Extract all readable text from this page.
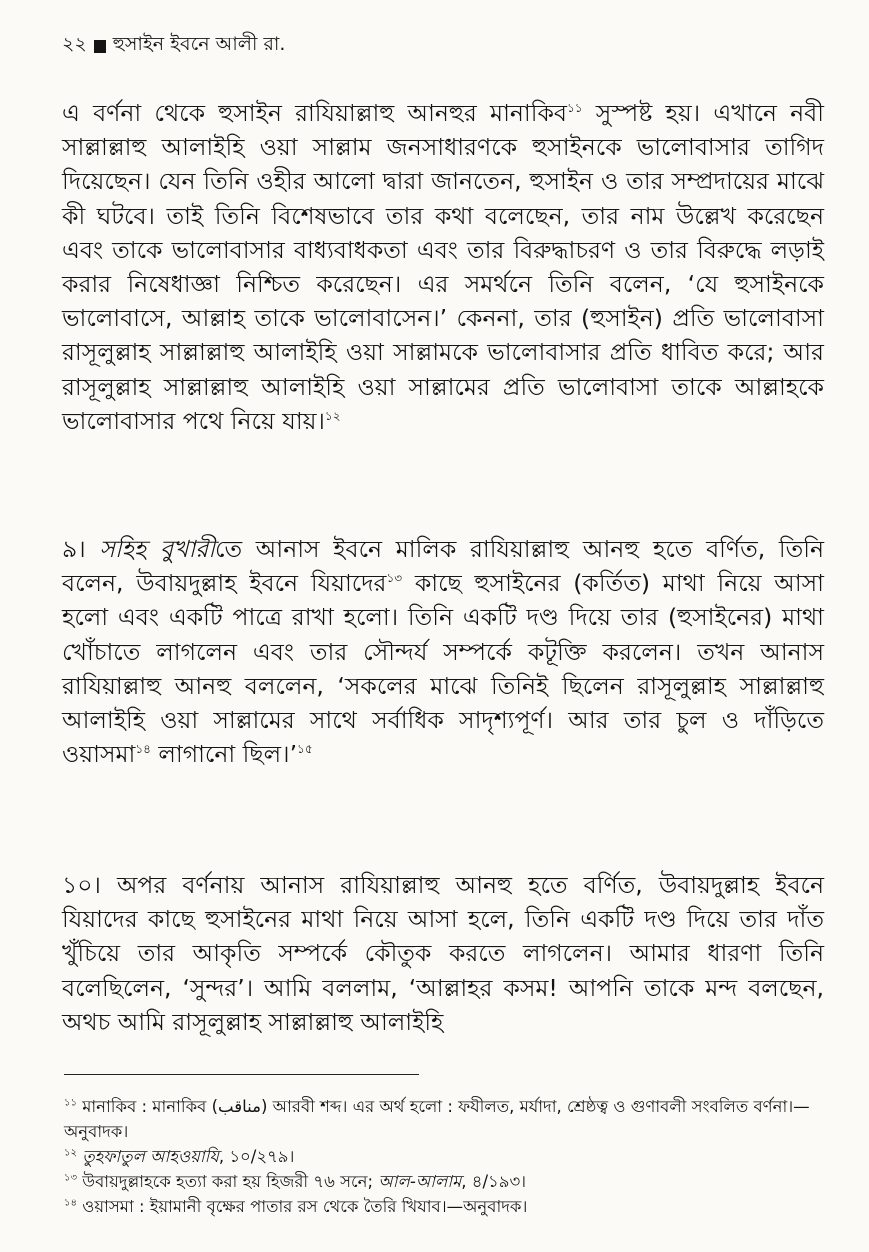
২২ হুসাইন ইবনে আলী রা.

এ বর্ণনা থেকে হুসাইন রাযিয়াল্লাহু আনহুর মানাকিব$^{১১}$ সুস্পষ্ট হয়। এখানে নবী সাল্লাল্লাহু আলাইহি ওয়া সাল্লাম জনসাধারণকে হুসাইনকে ভালোবাসার তাগিদ দিয়েছেন। যেন তিনি ওহীর আলো দ্বারা জানতেন, হুসাইন ও তার সম্প্রদায়ের মাঝে কী ঘটবে। তাই তিনি বিশেষভাবে তার কথা বলেছেন, তার নাম উল্লেখ করেছেন এবং তাকে ভালোবাসার বাধ্যবাধকতা এবং তার বিরুদ্ধাচরণ ও তার বিরুদ্ধে লড়াই করার নিষেধাজ্ঞা নিশ্চিত করেছেন। এর সমর্থনে তিনি বলেন, ‘যে হুসাইনকে ভালোবাসে, আল্লাহ তাকে ভালোবাসেন।’ কেননা, তার (হুসাইন) প্রতি ভালোবাসা রাসূলুল্লাহ সাল্লাল্লাহু আলাইহি ওয়া সাল্লামকে ভালোবাসার প্রতি ধাবিত করে; আর রাসূলুল্লাহ সাল্লাল্লাহু আলাইহি ওয়া সাল্লামের প্রতি ভালোবাসা তাকে আল্লাহকে ভালোবাসার পথে নিয়ে যায়।$^{১২}$

৯। সহিহ বুখারীতে আনাস ইবনে মালিক রাযিয়াল্লাহু আনহু হতে বর্ণিত, তিনি বলেন, উবায়দুল্লাহ ইবনে যিয়াদের$^{১৩}$ কাছে হুসাইনের (কর্তিত) মাথা নিয়ে আসা হলো এবং একটি পাত্রে রাখা হলো। তিনি একটি দণ্ড দিয়ে তার (হুসাইনের) মাথা খোঁচাতে লাগলেন এবং তার সৌন্দর্য সম্পর্কে কটূক্তি করলেন। তখন আনাস রাযিয়াল্লাহু আনহু বললেন, ‘সকলের মাঝে তিনিই ছিলেন রাসূলুল্লাহ সাল্লাল্লাহু আলাইহি ওয়া সাল্লামের সাথে সর্বাধিক সাদৃশ্যপূর্ণ। আর তার চুল ও দাঁড়িতে ওয়াসমা$^{১৪}$ লাগানো ছিল।’$^{১৫}$

১০। অপর বর্ণনায় আনাস রাযিয়াল্লাহু আনহু হতে বর্ণিত, উবায়দুল্লাহ ইবনে যিয়াদের কাছে হুসাইনের মাথা নিয়ে আসা হলে, তিনি একটি দণ্ড দিয়ে তার দাঁত খুঁচিয়ে তার আকৃতি সম্পর্কে কৌতুক করতে লাগলেন। আমার ধারণা তিনি বলেছিলেন, ‘সুন্দর’। আমি বললাম, ‘আল্লাহর কসম! আপনি তাকে মন্দ বলছেন, অথচ আমি রাসূলুল্লাহ সাল্লাল্লাহু আলাইহি

$^{১১}$ মানাকিব : মানাকিব (مناقب) আরবী শব্দ। এর অর্থ হলো : ফযীলত, মর্যাদা, শ্রেষ্ঠত্ব ও গুণাবলী সংবলিত বর্ণনা।—অনুবাদক।

$^{১২}$ তুহফাতুল আহওয়াযি, ১০/২৭৯।

$^{১৩}$ উবায়দুল্লাহকে হত্যা করা হয় হিজরী ৭৬ সনে; আল-আলাম, ৪/১৯৩।

$^{১৪}$ ওয়াসমা : ইয়ামানী বৃক্ষের পাতার রস থেকে তৈরি খিযাব।—অনুবাদক।
